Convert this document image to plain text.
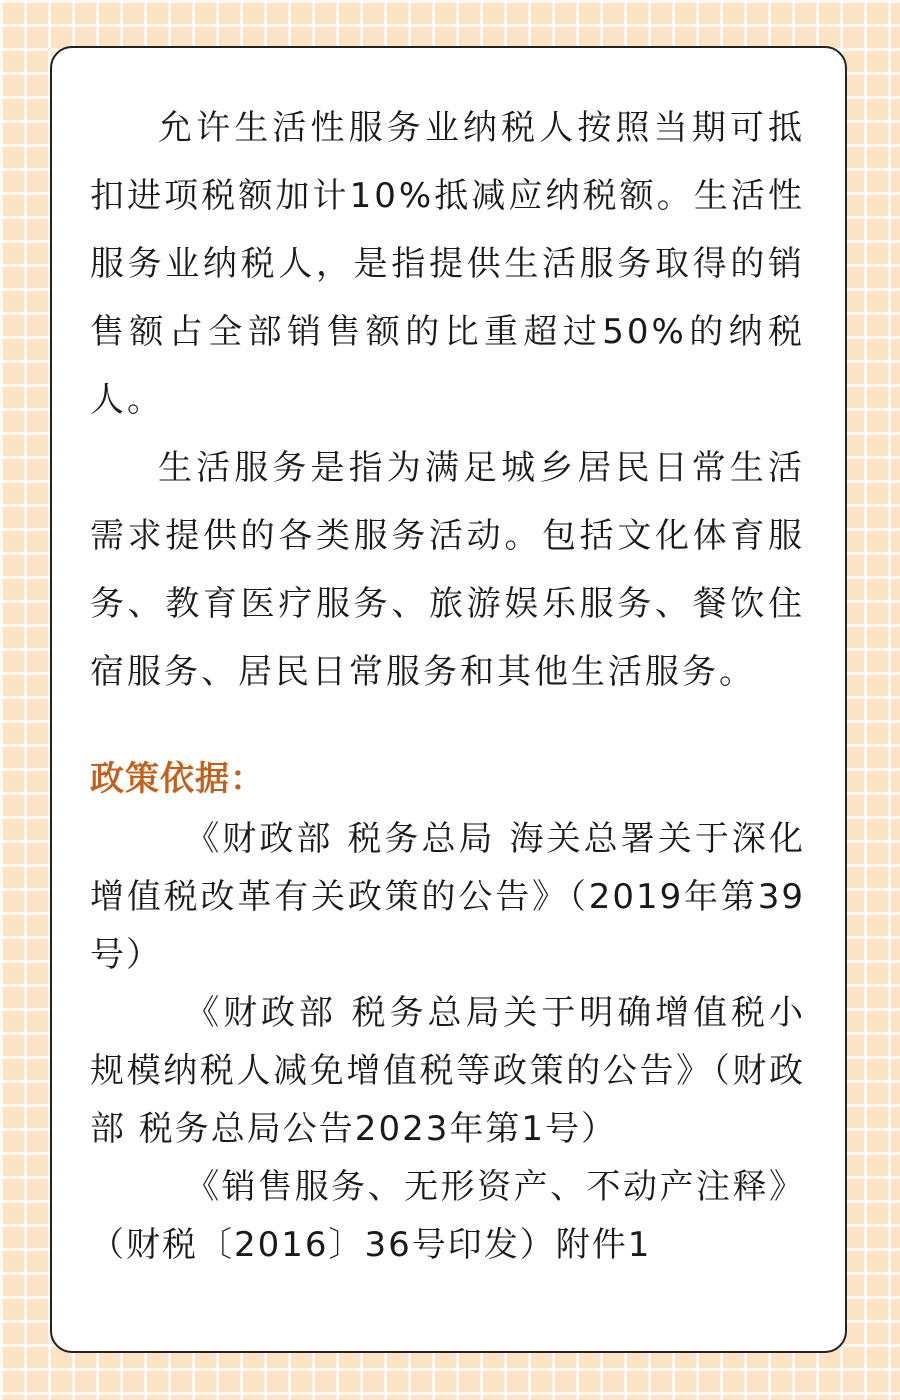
允许生活性服务业纳税人按照当期可抵扣进项税额加计10%抵减应纳税额。生活性服务业纳税人，是指提供生活服务取得的销售额占全部销售额的比重超过50%的纳税人。

生活服务是指为满足城乡居民日常生活需求提供的各类服务活动。包括文化体育服务、教育医疗服务、旅游娱乐服务、餐饮住宿服务、居民日常服务和其他生活服务。

政策依据：

《财政部 税务总局 海关总署关于深化增值税改革有关政策的公告》（2019年第39号）

《财政部 税务总局关于明确增值税小规模纳税人减免增值税等政策的公告》（财政部 税务总局公告2023年第1号）

《销售服务、无形资产、不动产注释》（财税〔2016〕36号印发）附件1
